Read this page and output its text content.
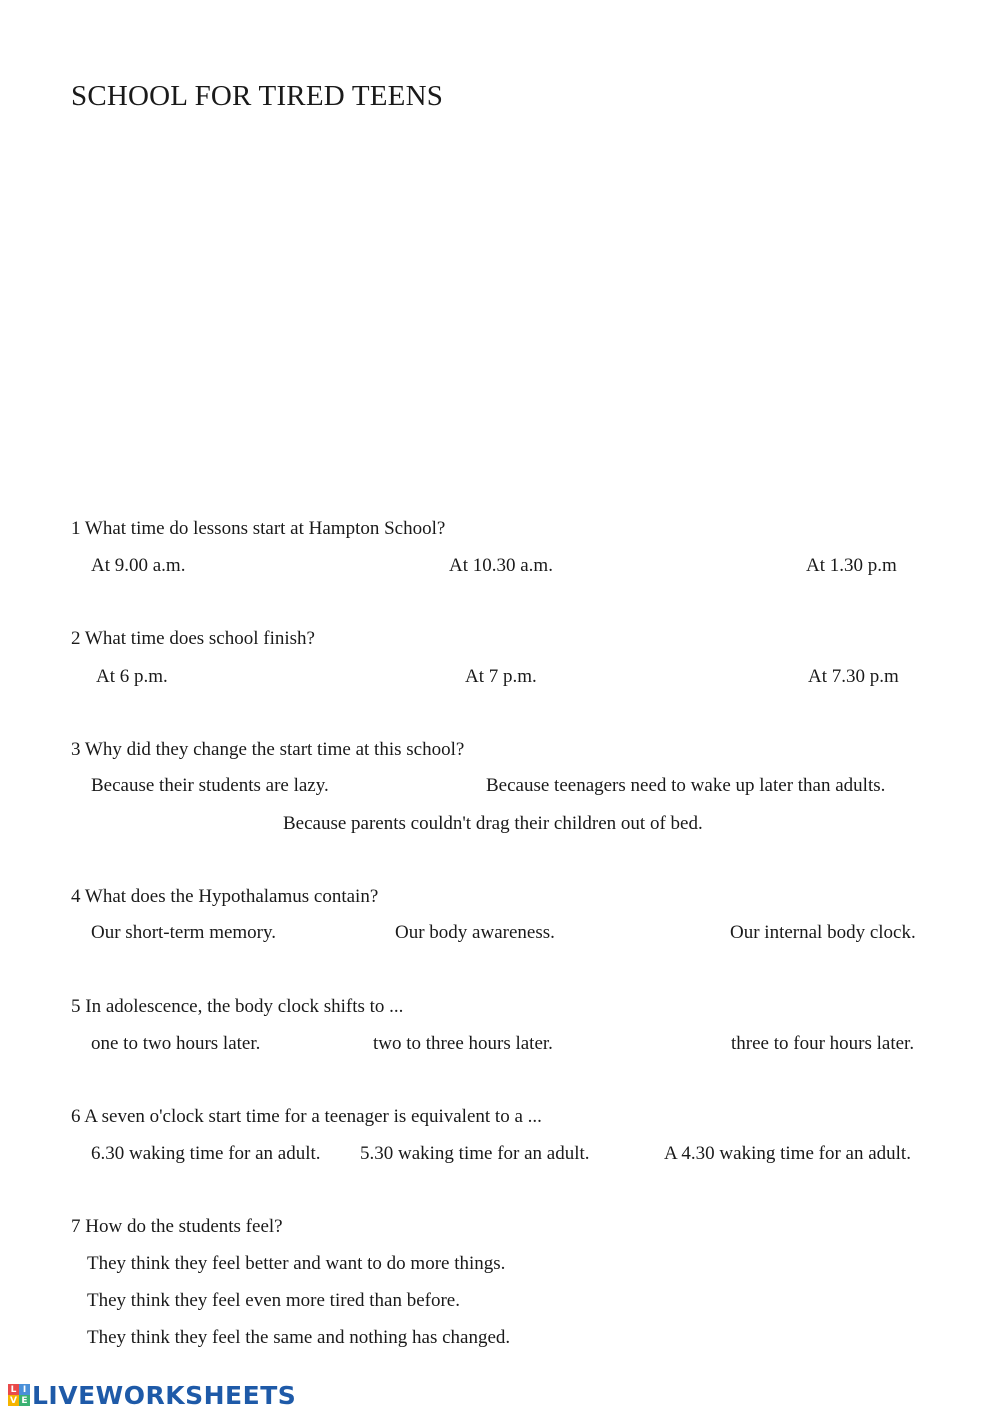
SCHOOL FOR TIRED TEENS
1 What time do lessons start at Hampton School?
At 9.00 a.m.	At 10.30 a.m.	At 1.30 p.m
2 What time does school finish?
At 6 p.m.	At 7 p.m.	At 7.30 p.m
3 Why did they change the start time at this school?
Because their students are lazy.	Because teenagers need to wake up later than adults.
Because parents couldn't drag their children out of bed.
4 What does the Hypothalamus contain?
Our short-term memory.	Our body awareness.	Our internal body clock.
5 In adolescence, the body clock shifts to ...
one to two hours later.	two to three hours later.	three to four hours later.
6 A seven o'clock start time for a teenager is equivalent to a ...
6.30 waking time for an adult. 5.30 waking time for an adult.	A 4.30 waking time for an adult.
7 How do the students feel?
They think they feel better and want to do more things.
They think they feel even more tired than before.
They think they feel the same and nothing has changed.
L I
V E LIVEWORKSHEETS
